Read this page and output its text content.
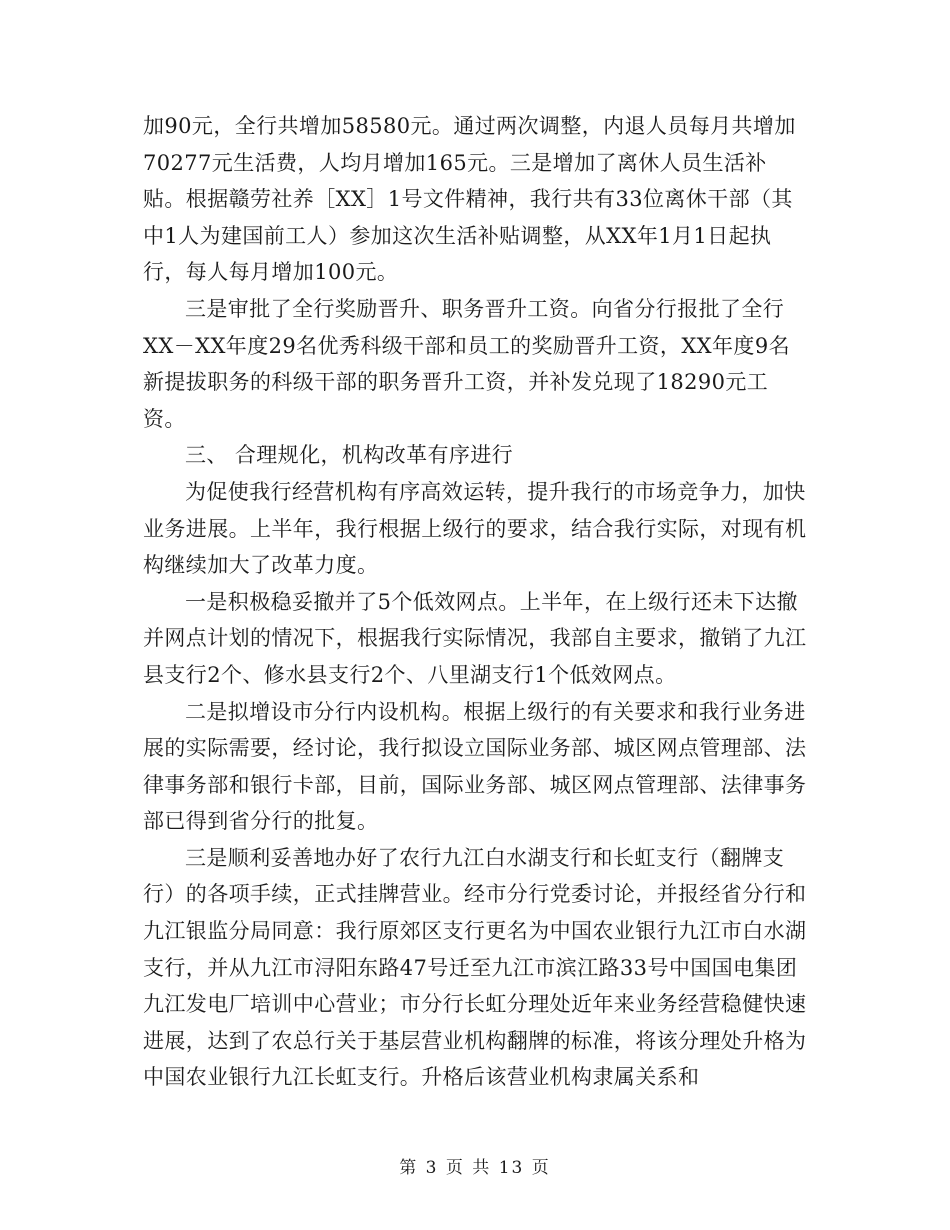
加90元，全行共增加58580元。通过两次调整，内退人员每月共增加70277元生活费，人均月增加165元。三是增加了离休人员生活补贴。根据赣劳社养［XX］1号文件精神，我行共有33位离休干部（其中1人为建国前工人）参加这次生活补贴调整，从XX年1月1日起执行，每人每月增加100元。

三是审批了全行奖励晋升、职务晋升工资。向省分行报批了全行XX－XX年度29名优秀科级干部和员工的奖励晋升工资，XX年度9名新提拔职务的科级干部的职务晋升工资，并补发兑现了18290元工资。

三、 合理规化，机构改革有序进行

为促使我行经营机构有序高效运转，提升我行的市场竞争力，加快业务进展。上半年，我行根据上级行的要求，结合我行实际，对现有机构继续加大了改革力度。

一是积极稳妥撤并了5个低效网点。上半年，在上级行还未下达撤并网点计划的情况下，根据我行实际情况，我部自主要求，撤销了九江县支行2个、修水县支行2个、八里湖支行1个低效网点。

二是拟增设市分行内设机构。根据上级行的有关要求和我行业务进展的实际需要，经讨论，我行拟设立国际业务部、城区网点管理部、法律事务部和银行卡部，目前，国际业务部、城区网点管理部、法律事务部已得到省分行的批复。

三是顺利妥善地办好了农行九江白水湖支行和长虹支行（翻牌支行）的各项手续，正式挂牌营业。经市分行党委讨论，并报经省分行和九江银监分局同意：我行原郊区支行更名为中国农业银行九江市白水湖支行，并从九江市浔阳东路47号迁至九江市滨江路33号中国国电集团九江发电厂培训中心营业；市分行长虹分理处近年来业务经营稳健快速进展，达到了农总行关于基层营业机构翻牌的标准，将该分理处升格为中国农业银行九江长虹支行。升格后该营业机构隶属关系和

第 3 页 共 13 页
